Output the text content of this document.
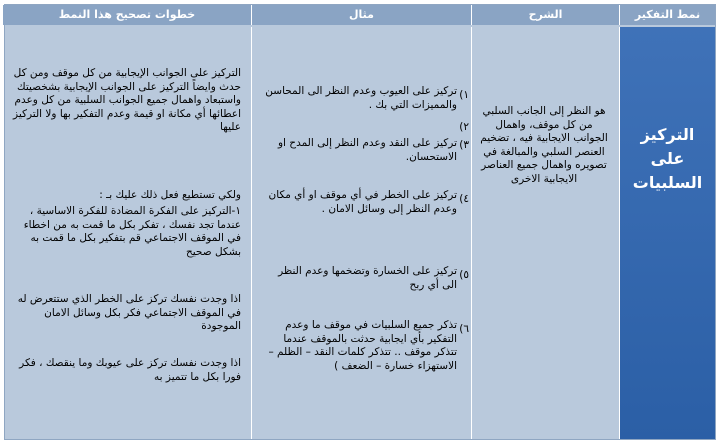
نمط التفكير
الشرح
مثال
خطوات تصحيح هذا النمط
التركيز على السلبيات
هو النظر إلى الجانب السلبي من كل موقف، واهمال الجوانب الايجابية فيه ، تضخيم العنصر السلبي والمبالغة في تصويره واهمال جميع العناصر الايجابية الاخرى
١)
تركيز على العيوب وعدم النظر الى المحاسن والمميزات التي بك .
٢)
٣)
تركيز على النقد وعدم النظر إلى المدح او الاستحسان.
٤)
تركيز على الخطر في أي موقف او أي مكان وعدم النظر إلى وسائل الامان .
٥)
تركيز على الخسارة وتضخمها وعدم النظر الى أي ربح
٦)
تذكر جميع السلبيات في موقف ما وعدم التفكير بأي ايجابية حدثت بالموقف عندما تتذكر موقف .. تتذكر كلمات النقد – الظلم – الاستهزاء خسارة – الضعف )
التركيز على الجوانب الإيجابية من كل موقف ومن كل حدث وايضاً التركيز على الجوانب الإيجابية بشخصيتك واستبعاد واهمال جميع الجوانب السلبية من كل وعدم اعطائها أي مكانة او قيمة وعدم التفكير بها ولا التركيز عليها
ولكي تستطيع فعل ذلك عليك بـ :
١-التركيز على الفكرة المضادة للفكرة الاساسية ، عندما تجد نفسك ، تفكر بكل ما قمت به من اخطاء في الموقف الاجتماعي قم بتفكير بكل ما قمت به بشكل صحيح
اذا وجدت نفسك تركز على الخطر الذي ستتعرض له في الموقف الاجتماعي فكر بكل وسائل الامان الموجودة
اذا وجدت نفسك تركز على عيوبك وما ينقصك ، فكر فورا بكل ما تتميز به
